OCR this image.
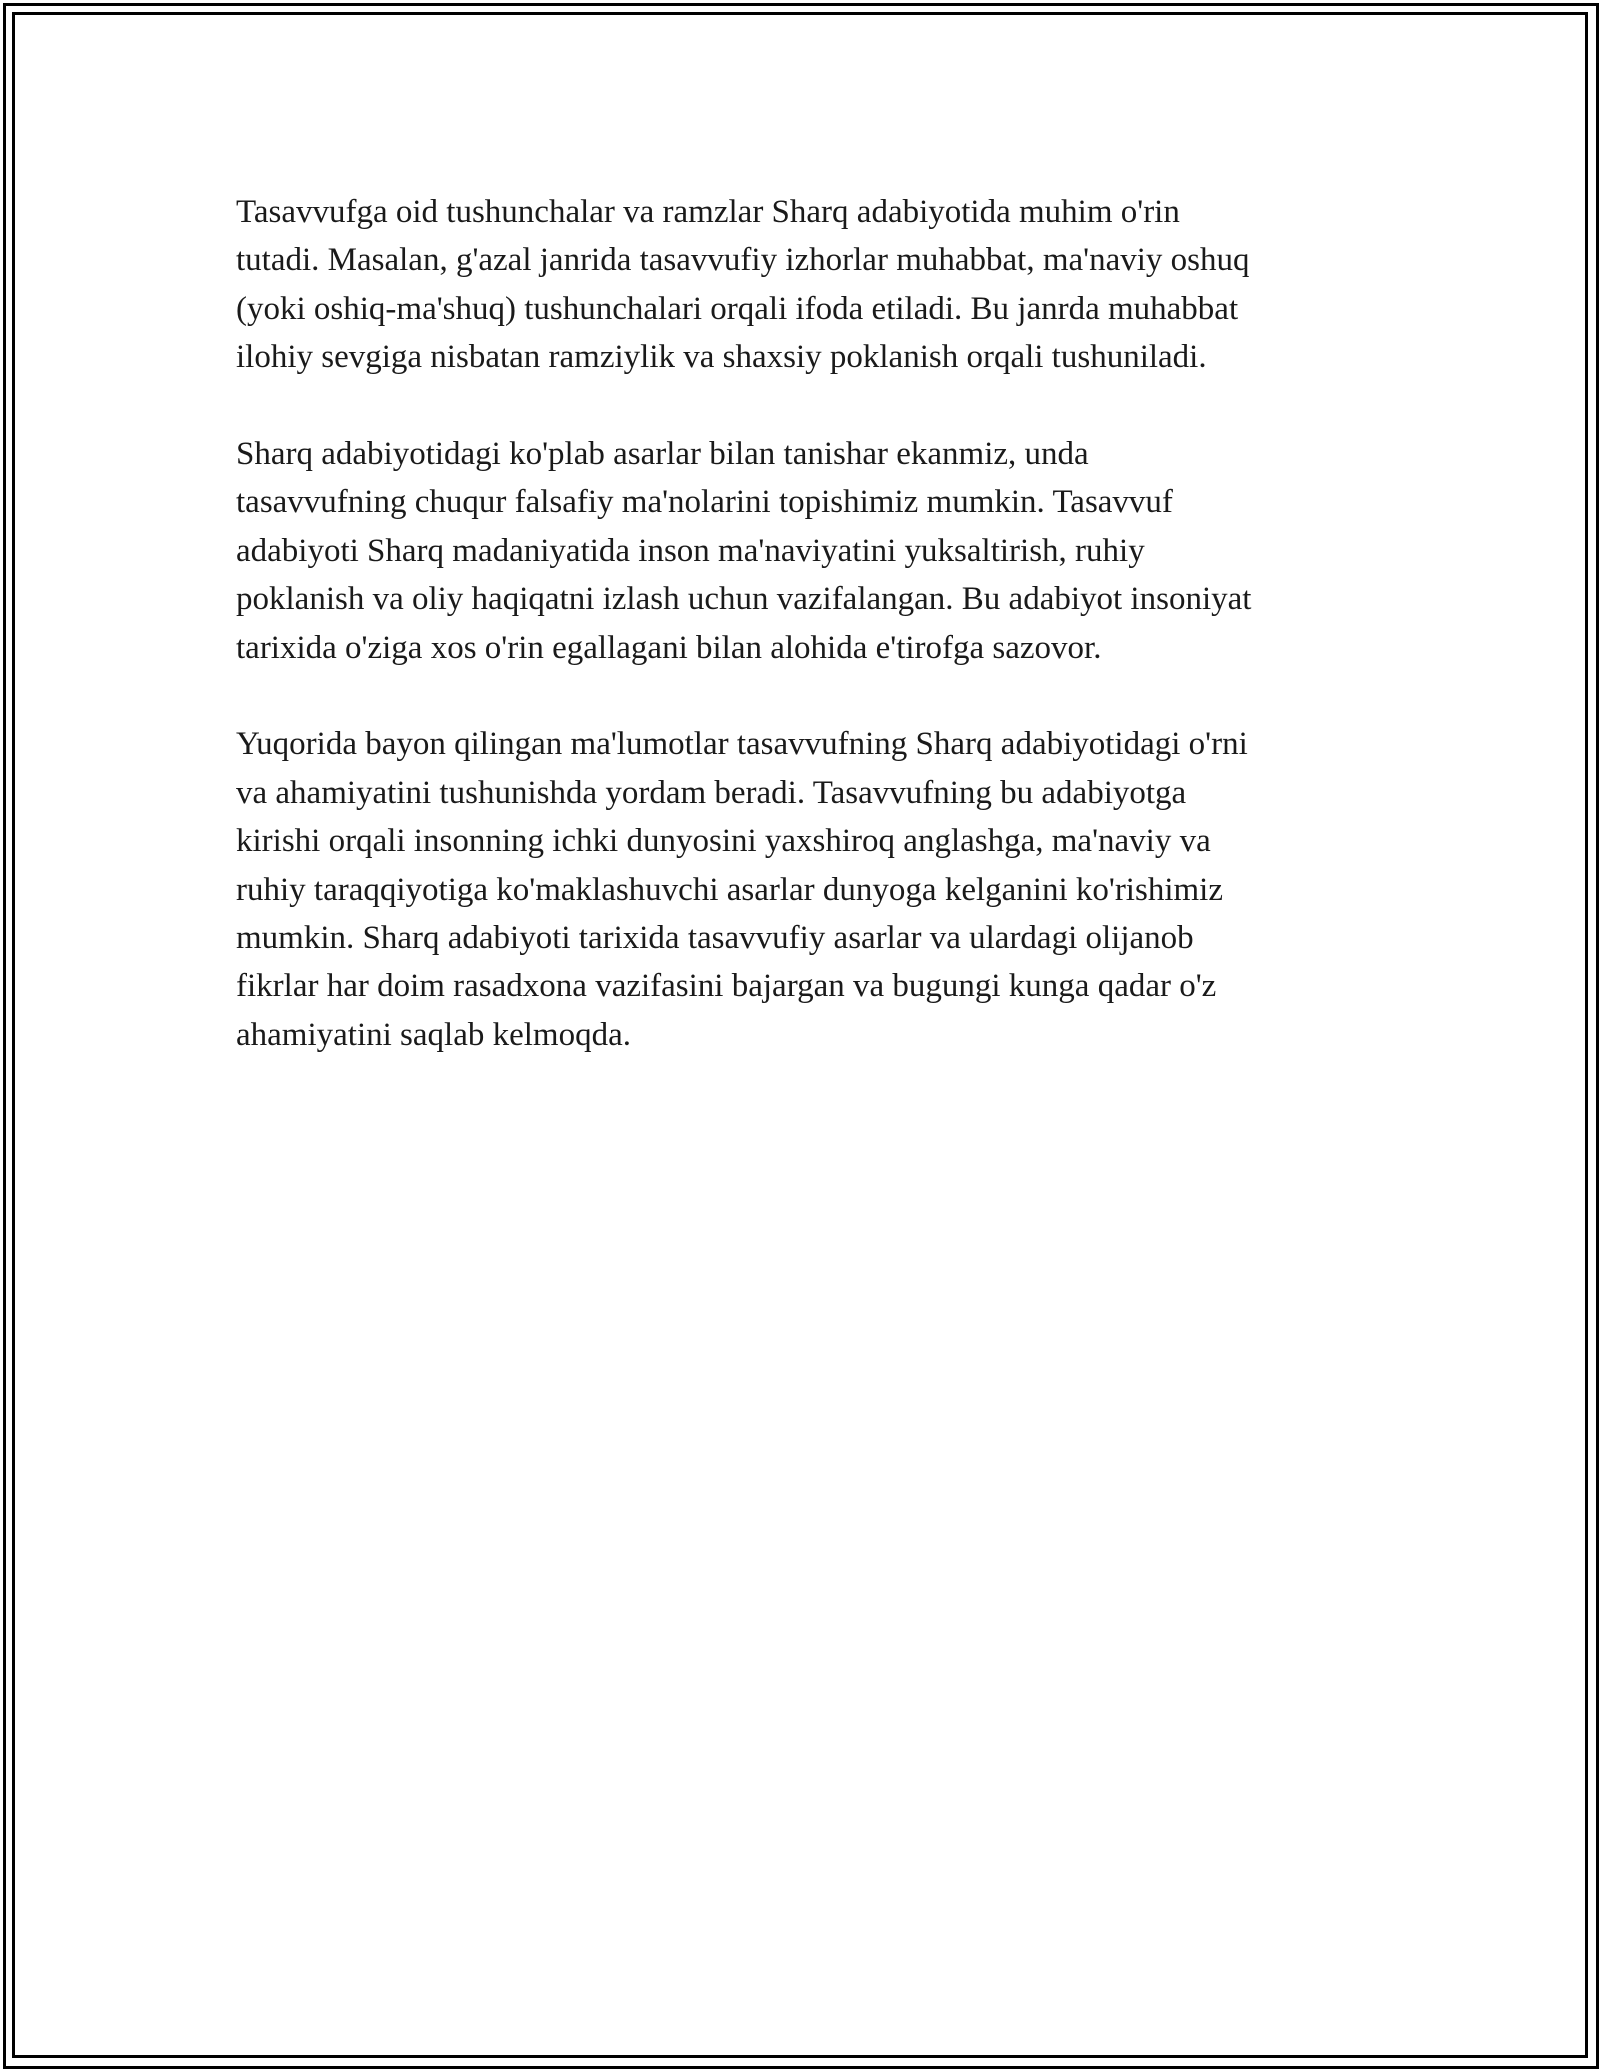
Tasavvufga oid tushunchalar va ramzlar Sharq adabiyotida muhim o'rin
tutadi. Masalan, g'azal janrida tasavvufiy izhorlar muhabbat, ma'naviy oshuq
(yoki oshiq-ma'shuq) tushunchalari orqali ifoda etiladi. Bu janrda muhabbat
ilohiy sevgiga nisbatan ramziylik va shaxsiy poklanish orqali tushuniladi.

Sharq adabiyotidagi ko'plab asarlar bilan tanishar ekanmiz, unda
tasavvufning chuqur falsafiy ma'nolarini topishimiz mumkin. Tasavvuf
adabiyoti Sharq madaniyatida inson ma'naviyatini yuksaltirish, ruhiy
poklanish va oliy haqiqatni izlash uchun vazifalangan. Bu adabiyot insoniyat
tarixida o'ziga xos o'rin egallagani bilan alohida e'tirofga sazovor.

Yuqorida bayon qilingan ma'lumotlar tasavvufning Sharq adabiyotidagi o'rni
va ahamiyatini tushunishda yordam beradi. Tasavvufning bu adabiyotga
kirishi orqali insonning ichki dunyosini yaxshiroq anglashga, ma'naviy va
ruhiy taraqqiyotiga ko'maklashuvchi asarlar dunyoga kelganini ko'rishimiz
mumkin. Sharq adabiyoti tarixida tasavvufiy asarlar va ulardagi olijanob
fikrlar har doim rasadxona vazifasini bajargan va bugungi kunga qadar o'z
ahamiyatini saqlab kelmoqda.
